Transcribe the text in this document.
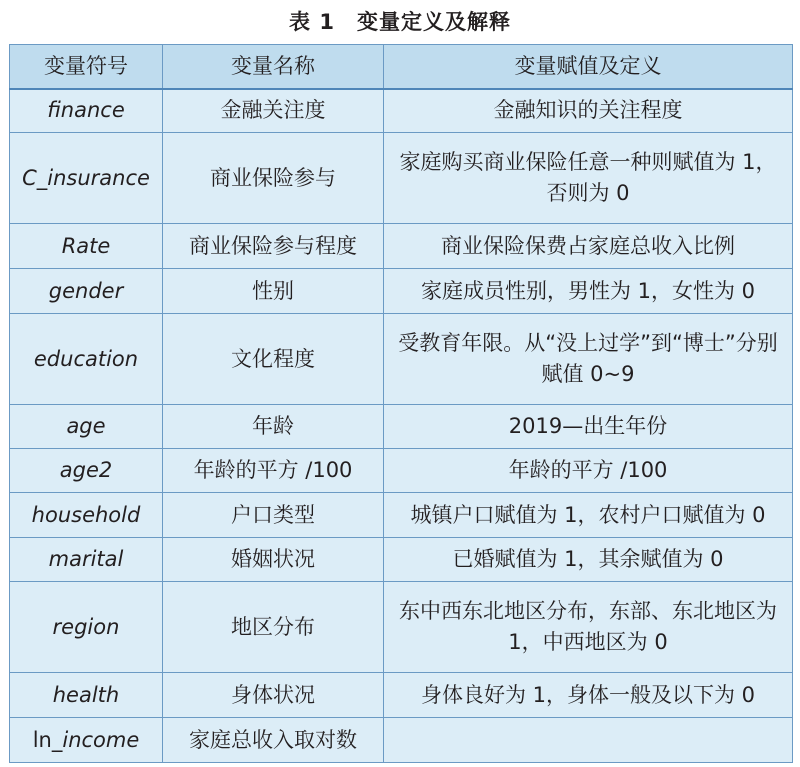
表 1 变量定义及解释
变量符号	变量名称	变量赋值及定义
finance	金融关注度	金融知识的关注程度
C_insurance	商业保险参与	家庭购买商业保险任意一种则赋值为 1，否则为 0
Rate	商业保险参与程度	商业保险保费占家庭总收入比例
gender	性别	家庭成员性别，男性为 1，女性为 0
education	文化程度	受教育年限。从“没上过学”到“博士”分别赋值 0~9
age	年龄	2019—出生年份
age2	年龄的平方 /100	年龄的平方 /100
household	户口类型	城镇户口赋值为 1，农村户口赋值为 0
marital	婚姻状况	已婚赋值为 1，其余赋值为 0
region	地区分布	东中西东北地区分布，东部、东北地区为 1，中西地区为 0
health	身体状况	身体良好为 1，身体一般及以下为 0
ln_income	家庭总收入取对数	
